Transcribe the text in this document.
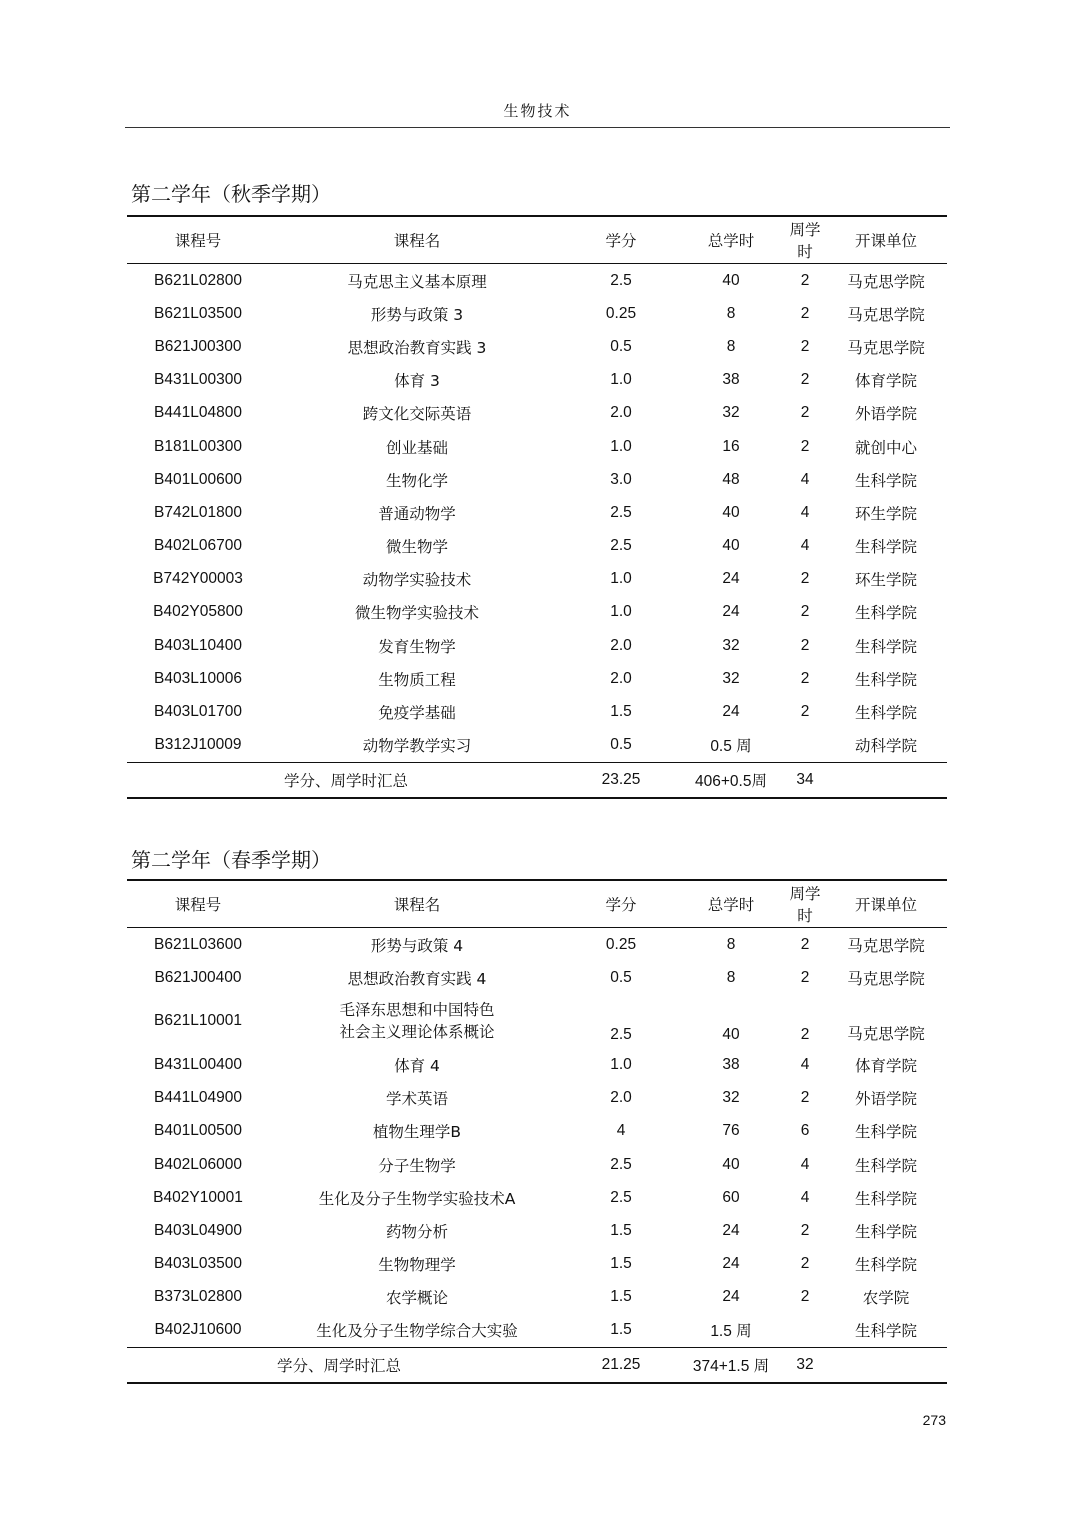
生物技术
第二学年（秋季学期）
课程号	课程名	学分	总学时	周学时	开课单位
B621L02800	马克思主义基本原理	2.5	40	2	马克思学院
B621L03500	形势与政策 3	0.25	8	2	马克思学院
B621J00300	思想政治教育实践 3	0.5	8	2	马克思学院
B431L00300	体育 3	1.0	38	2	体育学院
B441L04800	跨文化交际英语	2.0	32	2	外语学院
B181L00300	创业基础	1.0	16	2	就创中心
B401L00600	生物化学	3.0	48	4	生科学院
B742L01800	普通动物学	2.5	40	4	环生学院
B402L06700	微生物学	2.5	40	4	生科学院
B742Y00003	动物学实验技术	1.0	24	2	环生学院
B402Y05800	微生物学实验技术	1.0	24	2	生科学院
B403L10400	发育生物学	2.0	32	2	生科学院
B403L10006	生物质工程	2.0	32	2	生科学院
B403L01700	免疫学基础	1.5	24	2	生科学院
B312J10009	动物学教学实习	0.5	0.5 周		动科学院
学分、周学时汇总		23.25	406+0.5周	34	
第二学年（春季学期）
课程号	课程名	学分	总学时	周学时	开课单位
B621L03600	形势与政策 4	0.25	8	2	马克思学院
B621J00400	思想政治教育实践 4	0.5	8	2	马克思学院
B621L10001	毛泽东思想和中国特色
社会主义理论体系概论	2.5	40	2	马克思学院
B431L00400	体育 4	1.0	38	4	体育学院
B441L04900	学术英语	2.0	32	2	外语学院
B401L00500	植物生理学B	4	76	6	生科学院
B402L06000	分子生物学	2.5	40	4	生科学院
B402Y10001	生化及分子生物学实验技术A	2.5	60	4	生科学院
B403L04900	药物分析	1.5	24	2	生科学院
B403L03500	生物物理学	1.5	24	2	生科学院
B373L02800	农学概论	1.5	24	2	农学院
B402J10600	生化及分子生物学综合大实验	1.5	1.5 周		生科学院
学分、周学时汇总		21.25	374+1.5 周	32	
273
